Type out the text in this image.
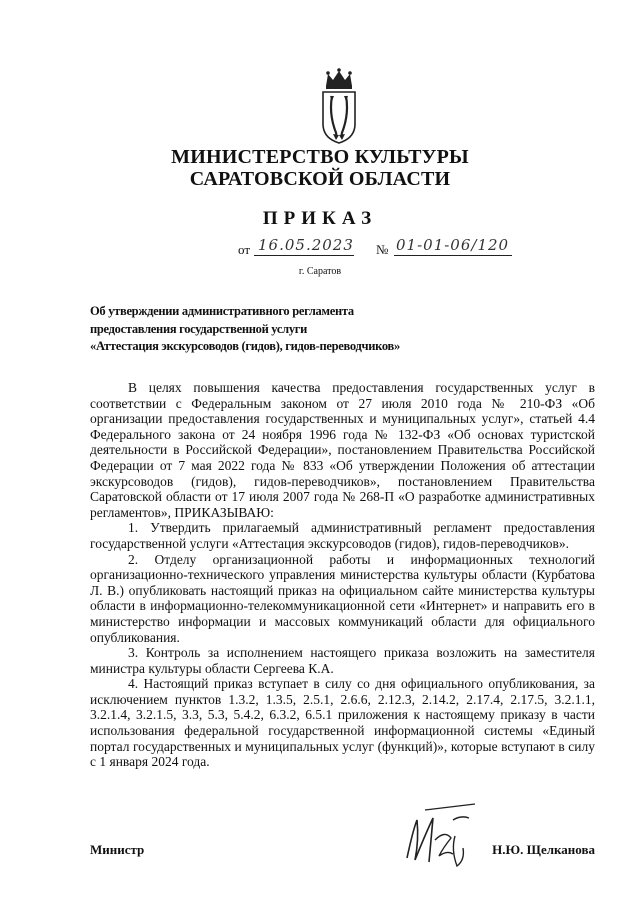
МИНИСТЕРСТВО КУЛЬТУРЫ
САРАТОВСКОЙ ОБЛАСТИ
ПРИКАЗ
от 16.05.2023 № 01-01-06/120
г. Саратов
Об утверждении административного регламента
предоставления государственной услуги
«Аттестация экскурсоводов (гидов), гидов-переводчиков»

В целях повышения качества предоставления государственных услуг в соответствии с Федеральным законом от 27 июля 2010 года № 210-ФЗ «Об организации предоставления государственных и муниципальных услуг», статьей 4.4 Федерального закона от 24 ноября 1996 года № 132-ФЗ «Об основах туристской деятельности в Российской Федерации», постановлением Правительства Российской Федерации от 7 мая 2022 года № 833 «Об утверждении Положения об аттестации экскурсоводов (гидов), гидов-переводчиков», постановлением Правительства Саратовской области от 17 июля 2007 года № 268-П «О разработке административных регламентов», ПРИКАЗЫВАЮ:

1. Утвердить прилагаемый административный регламент предоставления государственной услуги «Аттестация экскурсоводов (гидов), гидов-переводчиков».

2. Отделу организационной работы и информационных технологий организационно-технического управления министерства культуры области (Курбатова Л. В.) опубликовать настоящий приказ на официальном сайте министерства культуры области в информационно-телекоммуникационной сети «Интернет» и направить его в министерство информации и массовых коммуникаций области для официального опубликования.

3. Контроль за исполнением настоящего приказа возложить на заместителя министра культуры области Сергеева К.А.

4. Настоящий приказ вступает в силу со дня официального опубликования, за исключением пунктов 1.3.2, 1.3.5, 2.5.1, 2.6.6, 2.12.3, 2.14.2, 2.17.4, 2.17.5, 3.2.1.1, 3.2.1.4, 3.2.1.5, 3.3, 5.3, 5.4.2, 6.3.2, 6.5.1 приложения к настоящему приказу в части использования федеральной государственной информационной системы «Единый портал государственных и муниципальных услуг (функций)», которые вступают в силу с 1 января 2024 года.

Министр	Н.Ю. Щелканова
